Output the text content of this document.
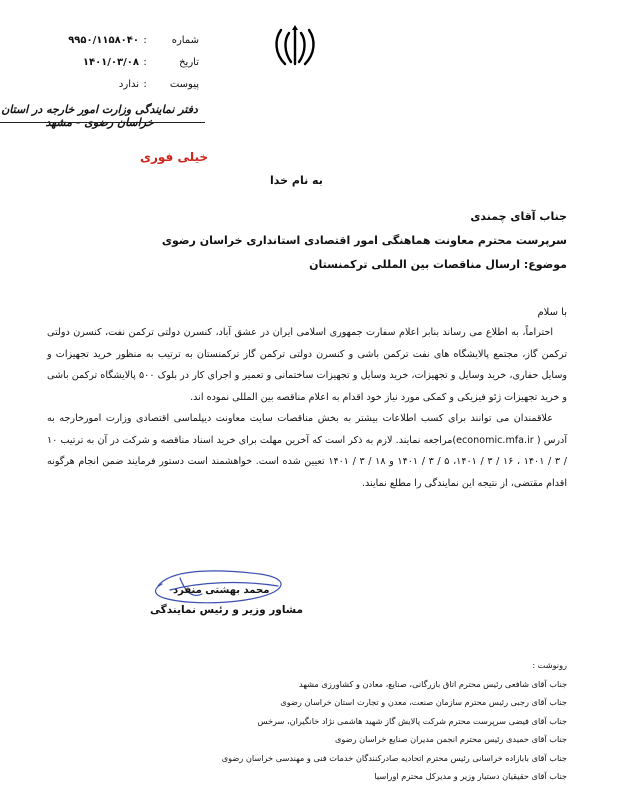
شماره
:
۹۹۵۰/۱۱۵۸۰۴۰
تاریخ
:
۱۴۰۱/۰۳/۰۸
پیوست
:
ندارد
دفتر نمایندگی وزارت امور خارجه در استان خراسان رضوی - مشهد
خیلی فوری
به نام خدا
جناب آقای چمندی
سرپرست محترم معاونت هماهنگی امور اقتصادی استانداری خراسان رضوی
موضوع: ارسال مناقصات بین المللی ترکمنستان
با سلام

احتراماً، به اطلاع می رساند بنابر اعلام سفارت جمهوری اسلامی ایران در عشق آباد، کنسرن دولتی ترکمن نفت، کنسرن دولتی ترکمن گاز، مجتمع پالایشگاه های نفت ترکمن باشی و کنسرن دولتی ترکمن گاز ترکمنستان به ترتیب به منظور خرید تجهیزات و وسایل حفاری، خرید وسایل و تجهیزات، خرید وسایل و تجهیزات ساختمانی و تعمیر و اجرای کار در بلوک ۵۰۰ پالایشگاه ترکمن باشی و خرید تجهیزات ژئو فیزیکی و کمکی مورد نیاز خود اقدام به اعلام مناقصه بین المللی نموده اند.

علاقمندان می توانند برای کسب اطلاعات بیشتر به بخش مناقصات سایت معاونت دیپلماسی اقتصادی وزارت امورخارجه به آدرس ( economic.mfa.ir)مراجعه نمایند. لازم به ذکر است که آخرین مهلت برای خرید اسناد مناقصه و شرکت در آن به ترتیب ۱۰ / ۳ / ۱۴۰۱ ، ۱۶ / ۳ / ۱۴۰۱، ۵ / ۳ / ۱۴۰۱ و ۱۸ / ۳ / ۱۴۰۱ تعیین شده است. خواهشمند است دستور فرمایند ضمن انجام هرگونه اقدام مقتضی، از نتیجه این نمایندگی را مطلع نمایند.

محمد بهشتی منفرد
مشاور وزیر و رئیس نمایندگی
رونوشت :
جناب آقای شافعی رئیس محترم اتاق بازرگانی، صنایع، معادن و کشاورزی مشهد
جناب آقای رجبی رئیس محترم سازمان صنعت، معدن و تجارت استان خراسان رضوی
جناب آقای فیضی سرپرست محترم شرکت پالایش گاز شهید هاشمی نژاد خانگیران، سرخس
جناب آقای حمیدی رئیس محترم انجمن مدیران صنایع خراسان رضوی
جناب آقای بابازاده خراسانی رئیس محترم اتحادیه صادرکنندگان خدمات فنی و مهندسی خراسان رضوی
جناب آقای حقیقیان دستیار وزیر و مدیرکل محترم اوراسیا
